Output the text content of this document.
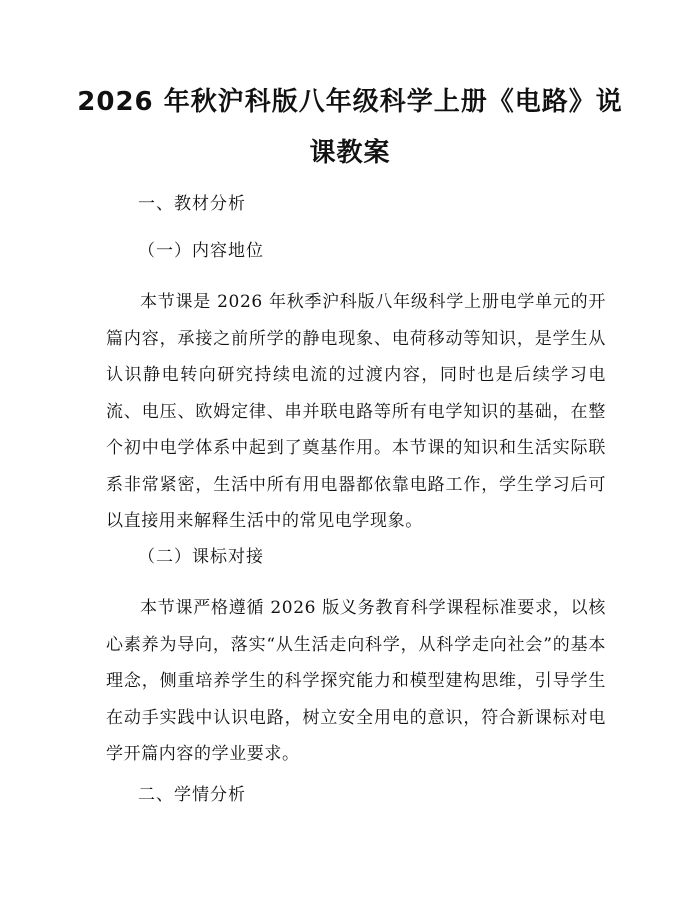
2026 年秋沪科版八年级科学上册《电路》说
课教案
一、教材分析
（一）内容地位
本节课是 2026 年秋季沪科版八年级科学上册电学单元的开篇内容，承接之前所学的静电现象、电荷移动等知识，是学生从认识静电转向研究持续电流的过渡内容，同时也是后续学习电流、电压、欧姆定律、串并联电路等所有电学知识的基础，在整个初中电学体系中起到了奠基作用。本节课的知识和生活实际联系非常紧密，生活中所有用电器都依靠电路工作，学生学习后可以直接用来解释生活中的常见电学现象。
（二）课标对接
本节课严格遵循 2026 版义务教育科学课程标准要求，以核心素养为导向，落实“从生活走向科学，从科学走向社会”的基本理念，侧重培养学生的科学探究能力和模型建构思维，引导学生在动手实践中认识电路，树立安全用电的意识，符合新课标对电学开篇内容的学业要求。
二、学情分析
